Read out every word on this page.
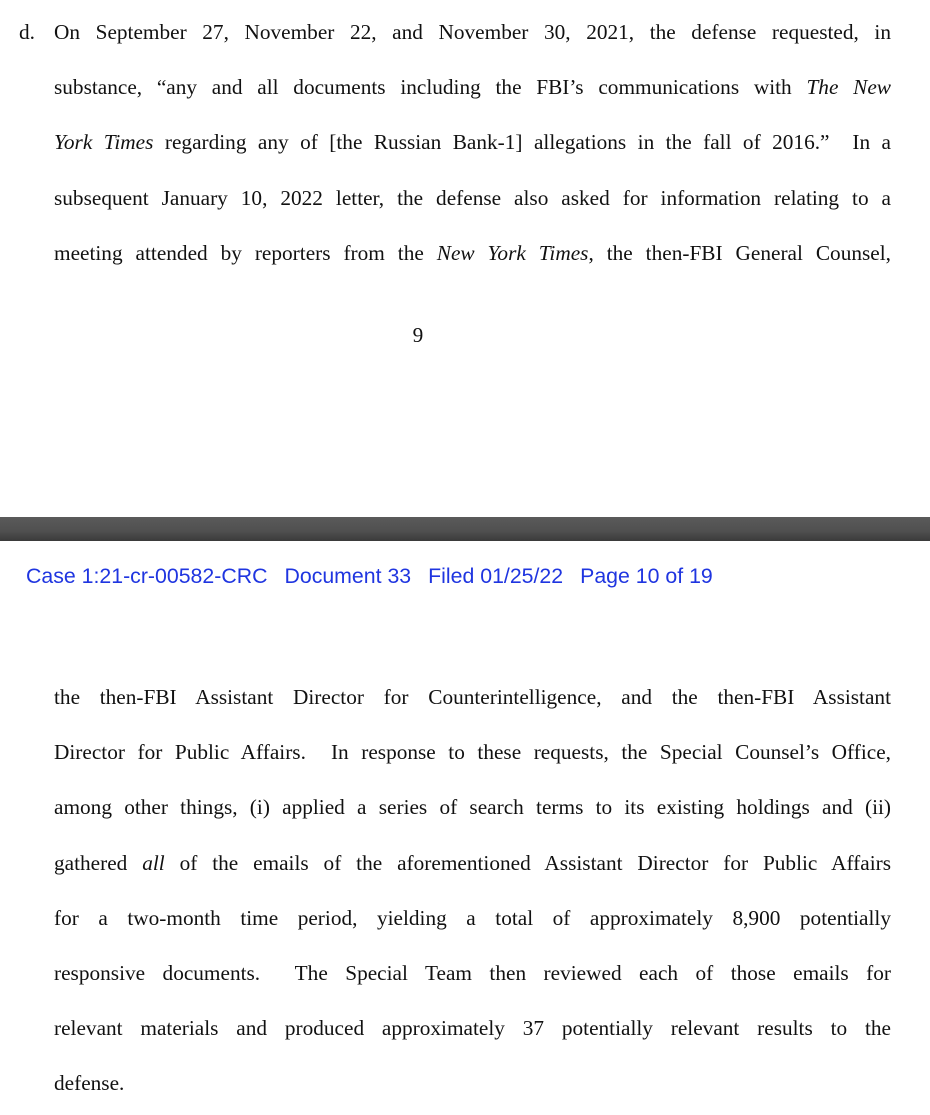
d. On September 27, November 22, and November 30, 2021, the defense requested, in
substance, “any and all documents including the FBI’s communications with The New
York Times regarding any of [the Russian Bank-1] allegations in the fall of 2016.”  In a
subsequent January 10, 2022 letter, the defense also asked for information relating to a
meeting attended by reporters from the New York Times, the then-FBI General Counsel,
9
Case 1:21-cr-00582-CRC Document 33 Filed 01/25/22 Page 10 of 19
the then-FBI Assistant Director for Counterintelligence, and the then-FBI Assistant
Director for Public Affairs.  In response to these requests, the Special Counsel’s Office,
among other things, (i) applied a series of search terms to its existing holdings and (ii)
gathered all of the emails of the aforementioned Assistant Director for Public Affairs
for a two-month time period, yielding a total of approximately 8,900 potentially
responsive documents.  The Special Team then reviewed each of those emails for
relevant materials and produced approximately 37 potentially relevant results to the
defense.
